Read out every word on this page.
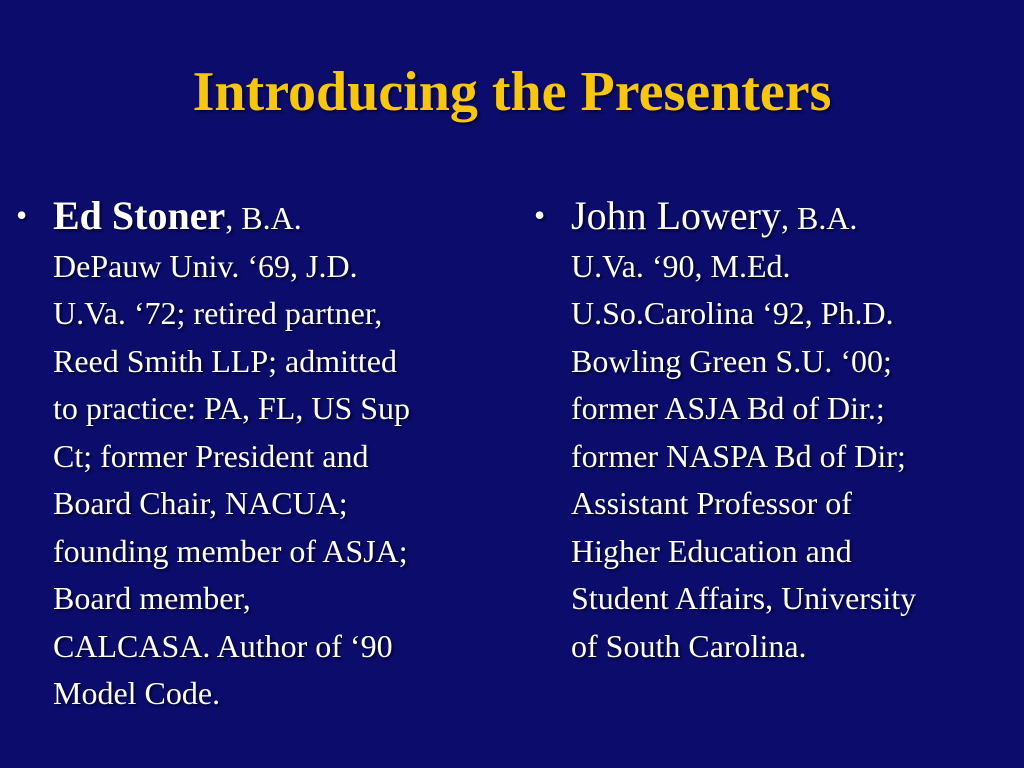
Introducing the Presenters
• Ed Stoner, B.A.
DePauw Univ. ‘69, J.D.
U.Va. ‘72; retired partner,
Reed Smith LLP; admitted
to practice: PA, FL, US Sup
Ct; former President and
Board Chair, NACUA;
founding member of ASJA;
Board member,
CALCASA. Author of ‘90
Model Code.
• John Lowery, B.A.
U.Va. ‘90, M.Ed.
U.So.Carolina ‘92, Ph.D.
Bowling Green S.U. ‘00;
former ASJA Bd of Dir.;
former NASPA Bd of Dir;
Assistant Professor of
Higher Education and
Student Affairs, University
of South Carolina.
